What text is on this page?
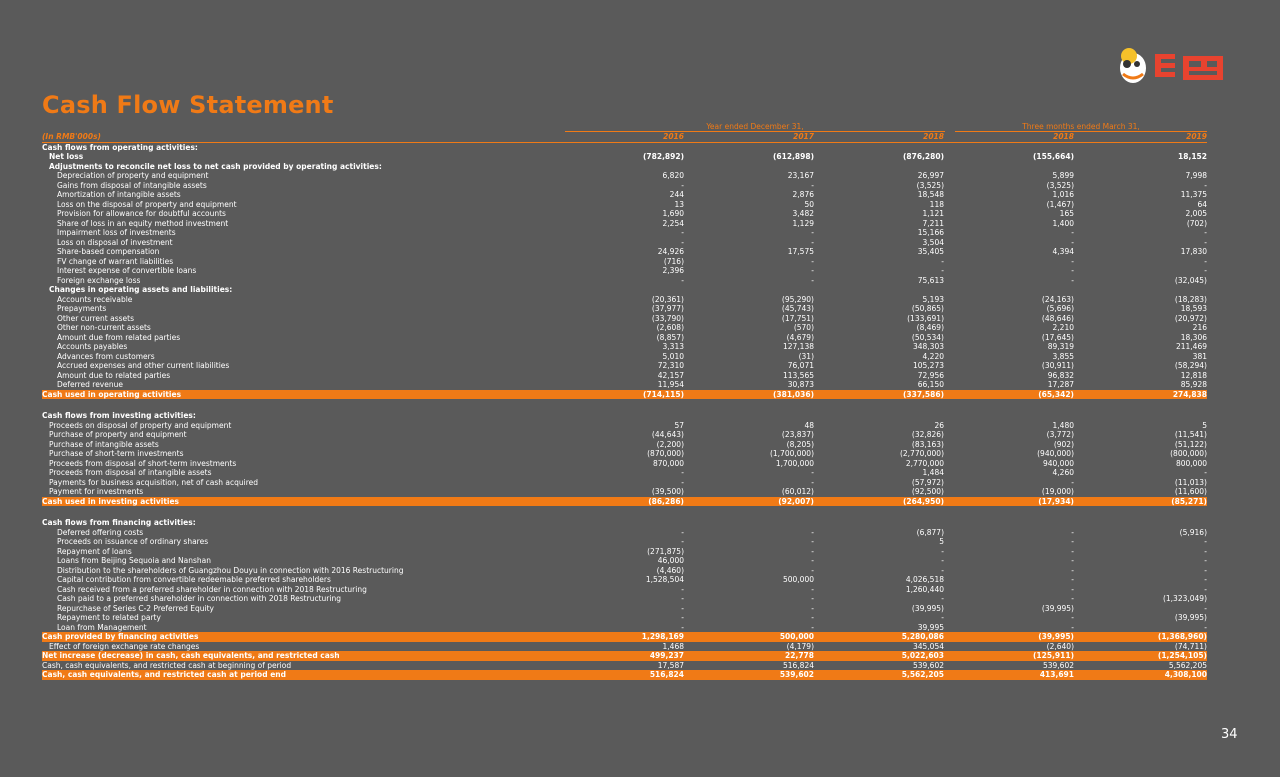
Cash Flow Statement
Year ended December 31,	Three months ended March 31,
(In RMB'000s)	2016	2017	2018	2018	2019
Cash flows from operating activities:					
Net loss	(782,892)	(612,898)	(876,280)	(155,664)	18,152
Adjustments to reconcile net loss to net cash provided by operating activities:					
Depreciation of property and equipment	6,820	23,167	26,997	5,899	7,998
Gains from disposal of intangible assets	-	-	(3,525)	(3,525)	-
Amortization of intangible assets	244	2,876	18,548	1,016	11,375
Loss on the disposal of property and equipment	13	50	118	(1,467)	64
Provision for allowance for doubtful accounts	1,690	3,482	1,121	165	2,005
Share of loss in an equity method investment	2,254	1,129	7,211	1,400	(702)
Impairment loss of investments	-	-	15,166	-	-
Loss on disposal of investment	-	-	3,504	-	-
Share-based compensation	24,926	17,575	35,405	4,394	17,830
FV change of warrant liabilities	(716)	-	-	-	-
Interest expense of convertible loans	2,396	-	-	-	-
Foreign exchange loss	-	-	75,613	-	(32,045)
Changes in operating assets and liabilities:					
Accounts receivable	(20,361)	(95,290)	5,193	(24,163)	(18,283)
Prepayments	(37,977)	(45,743)	(50,865)	(5,696)	18,593
Other current assets	(33,790)	(17,751)	(133,691)	(48,646)	(20,972)
Other non-current assets	(2,608)	(570)	(8,469)	2,210	216
Amount due from related parties	(8,857)	(4,679)	(50,534)	(17,645)	18,306
Accounts payables	3,313	127,138	348,303	89,319	211,469
Advances from customers	5,010	(31)	4,220	3,855	381
Accrued expenses and other current liabilities	72,310	76,071	105,273	(30,911)	(58,294)
Amount due to related parties	42,157	113,565	72,956	96,832	12,818
Deferred revenue	11,954	30,873	66,150	17,287	85,928
Cash used in operating activities	(714,115)	(381,036)	(337,586)	(65,342)	274,838

Cash flows from investing activities:					
Proceeds on disposal of property and equipment	57	48	26	1,480	5
Purchase of property and equipment	(44,643)	(23,837)	(32,826)	(3,772)	(11,541)
Purchase of intangible assets	(2,200)	(8,205)	(83,163)	(902)	(51,122)
Purchase of short-term investments	(870,000)	(1,700,000)	(2,770,000)	(940,000)	(800,000)
Proceeds from disposal of short-term investments	870,000	1,700,000	2,770,000	940,000	800,000
Proceeds from disposal of intangible assets	-	-	1,484	4,260	-
Payments for business acquisition, net of cash acquired	-	-	(57,972)	-	(11,013)
Payment for investments	(39,500)	(60,012)	(92,500)	(19,000)	(11,600)
Cash used in investing activities	(86,286)	(92,007)	(264,950)	(17,934)	(85,271)

Cash flows from financing activities:					
Deferred offering costs	-	-	(6,877)	-	(5,916)
Proceeds on issuance of ordinary shares	-	-	5	-	-
Repayment of loans	(271,875)	-	-	-	-
Loans from Beijing Sequoia and Nanshan	46,000	-	-	-	-
Distribution to the shareholders of Guangzhou Douyu in connection with 2016 Restructuring	(4,460)	-	-	-	-
Capital contribution from convertible redeemable preferred shareholders	1,528,504	500,000	4,026,518	-	-
Cash received from a preferred shareholder in connection with 2018 Restructuring	-	-	1,260,440	-	-
Cash paid to a preferred shareholder in connection with 2018 Restructuring	-	-	-	-	(1,323,049)
Repurchase of Series C-2 Preferred Equity	-	-	(39,995)	(39,995)	-
Repayment to related party	-	-	-	-	(39,995)
Loan from Management	-	-	39,995	-	-
Cash provided by financing activities	1,298,169	500,000	5,280,086	(39,995)	(1,368,960)
Effect of foreign exchange rate changes	1,468	(4,179)	345,054	(2,640)	(74,711)
Net increase (decrease) in cash, cash equivalents, and restricted cash	499,237	22,778	5,022,603	(125,911)	(1,254,105)
Cash, cash equivalents, and restricted cash at beginning of period	17,587	516,824	539,602	539,602	5,562,205
Cash, cash equivalents, and restricted cash at period end	516,824	539,602	5,562,205	413,691	4,308,100
34
